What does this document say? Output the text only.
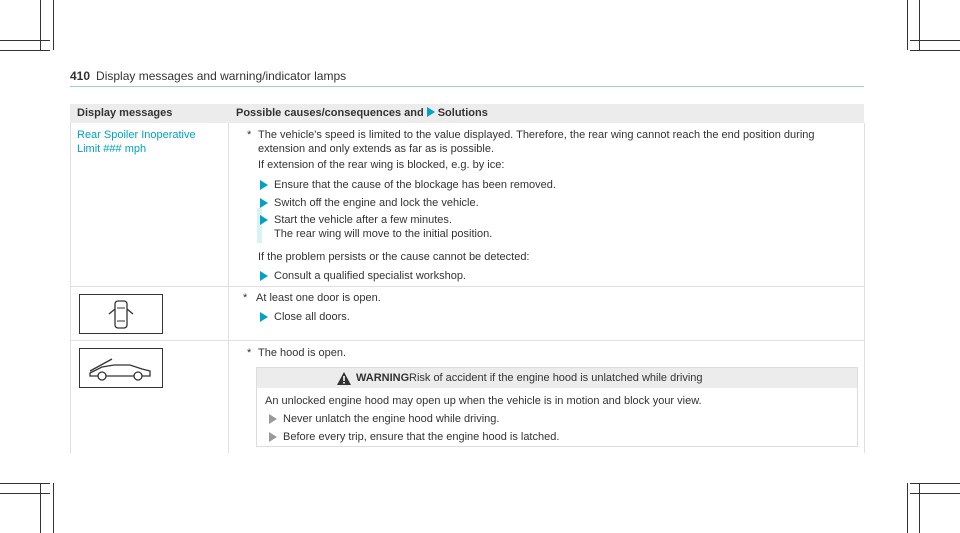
410 Display messages and warning/indicator lamps
Display messages	Possible causes/consequences and Solutions
Rear Spoiler Inoperative
Limit ### mph
* The vehicle's speed is limited to the value displayed. Therefore, the rear wing cannot reach the end position during
extension and only extends as far as is possible.
If extension of the rear wing is blocked, e.g. by ice:
Ensure that the cause of the blockage has been removed.
Switch off the engine and lock the vehicle.
Start the vehicle after a few minutes.
The rear wing will move to the initial position.
If the problem persists or the cause cannot be detected:
Consult a qualified specialist workshop.
* At least one door is open.
Close all doors.
* The hood is open.
WARNING Risk of accident if the engine hood is unlatched while driving
An unlocked engine hood may open up when the vehicle is in motion and block your view.
Never unlatch the engine hood while driving.
Before every trip, ensure that the engine hood is latched.
